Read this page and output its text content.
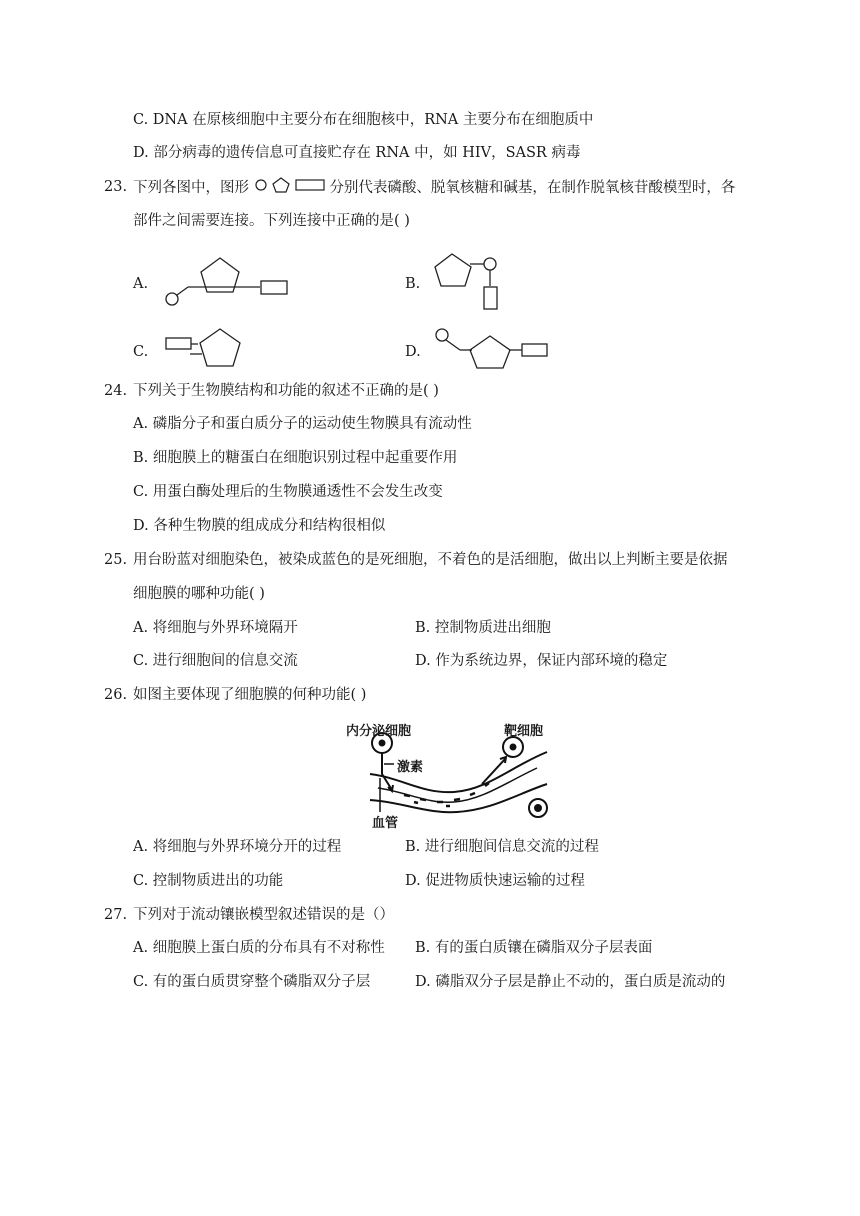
C. DNA 在原核细胞中主要分布在细胞核中，RNA 主要分布在细胞质中
D. 部分病毒的遗传信息可直接贮存在 RNA 中，如 HIV，SASR 病毒
23. 下列各图中，图形	分别代表磷酸、脱氧核糖和碱基，在制作脱氧核苷酸模型时，各
部件之间需要连接。下列连接中正确的是( )
A.	B.
C.	D.
24. 下列关于生物膜结构和功能的叙述不正确的是( )
A. 磷脂分子和蛋白质分子的运动使生物膜具有流动性
B. 细胞膜上的糖蛋白在细胞识别过程中起重要作用
C. 用蛋白酶处理后的生物膜通透性不会发生改变
D. 各种生物膜的组成成分和结构很相似
25. 用台盼蓝对细胞染色，被染成蓝色的是死细胞，不着色的是活细胞，做出以上判断主要是依据
细胞膜的哪种功能( )
A. 将细胞与外界环境隔开	B. 控制物质进出细胞
C. 进行细胞间的信息交流	D. 作为系统边界，保证内部环境的稳定
26. 如图主要体现了细胞膜的何种功能( )
内分泌细胞	靶细胞
激素
血管
A. 将细胞与外界环境分开的过程	B. 进行细胞间信息交流的过程
C. 控制物质进出的功能	D. 促进物质快速运输的过程
27. 下列对于流动镶嵌模型叙述错误的是（）
A. 细胞膜上蛋白质的分布具有不对称性 B. 有的蛋白质镶在磷脂双分子层表面
C. 有的蛋白质贯穿整个磷脂双分子层	D. 磷脂双分子层是静止不动的，蛋白质是流动的
